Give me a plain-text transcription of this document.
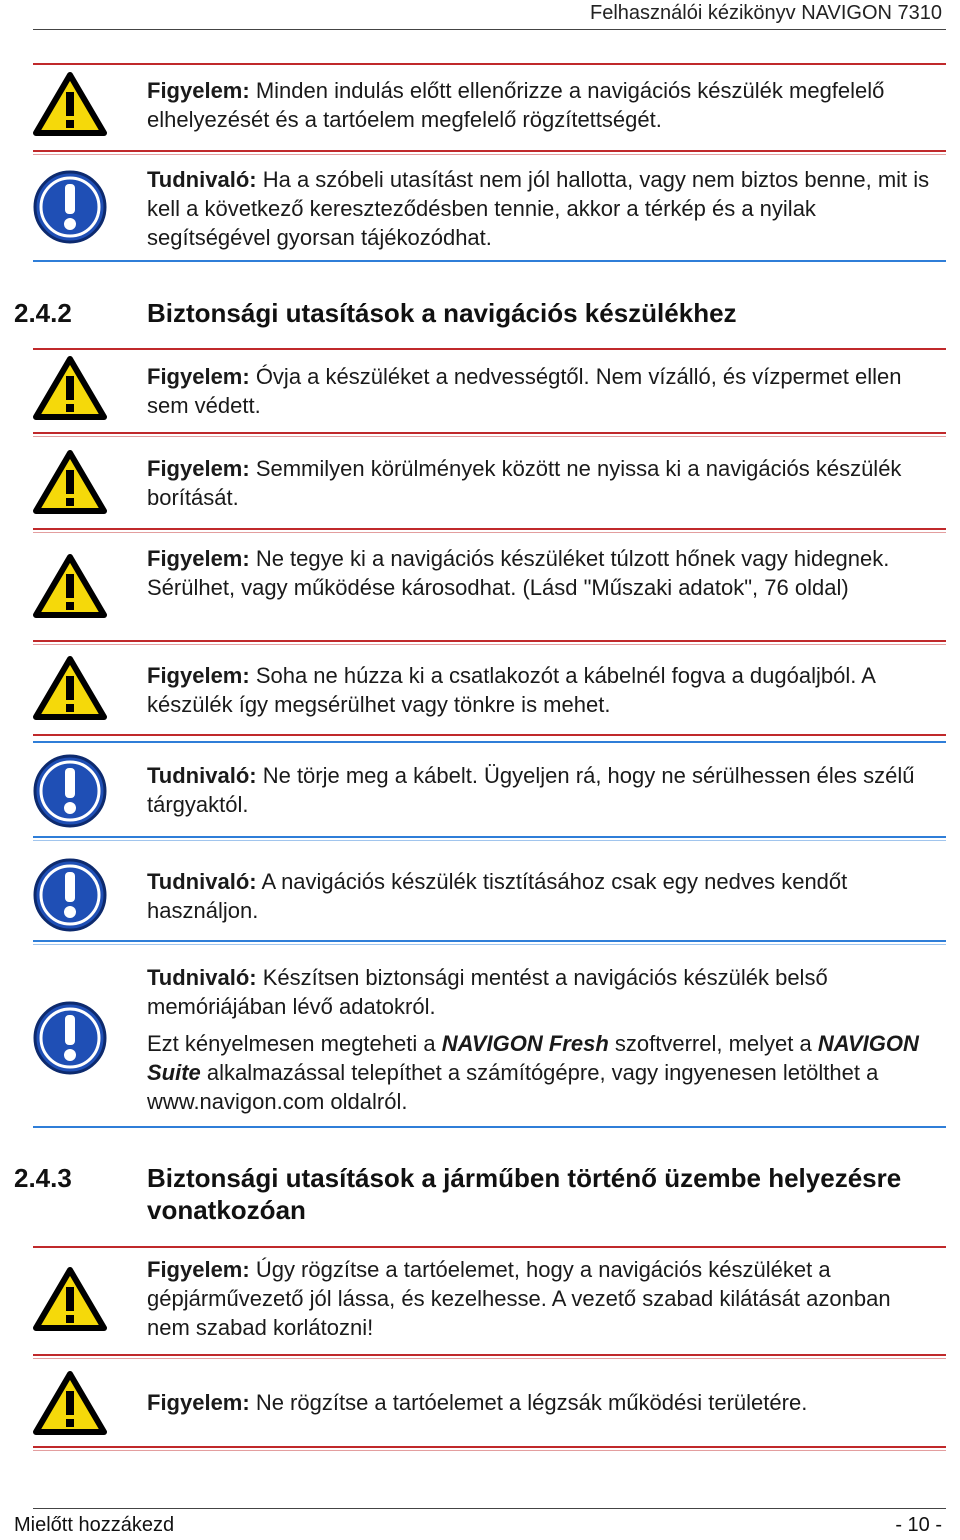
Felhasználói kézikönyv NAVIGON 7310
Figyelem: Minden indulás előtt ellenőrizze a navigációs készülék megfelelő elhelyezését és a tartóelem megfelelő rögzítettségét.
Tudnivaló: Ha a szóbeli utasítást nem jól hallotta, vagy nem biztos benne, mit is kell a következő kereszteződésben tennie, akkor a térkép és a nyilak segítségével gyorsan tájékozódhat.
2.4.2	Biztonsági utasítások a navigációs készülékhez
Figyelem: Óvja a készüléket a nedvességtől. Nem vízálló, és vízpermet ellen sem védett.
Figyelem: Semmilyen körülmények között ne nyissa ki a navigációs készülék borítását.
Figyelem: Ne tegye ki a navigációs készüléket túlzott hőnek vagy hidegnek. Sérülhet, vagy működése károsodhat. (Lásd "Műszaki adatok", 76 oldal)
Figyelem: Soha ne húzza ki a csatlakozót a kábelnél fogva a dugóaljból. A készülék így megsérülhet vagy tönkre is mehet.
Tudnivaló: Ne törje meg a kábelt. Ügyeljen rá, hogy ne sérülhessen éles szélű tárgyaktól.
Tudnivaló: A navigációs készülék tisztításához csak egy nedves kendőt használjon.
Tudnivaló: Készítsen biztonsági mentést a navigációs készülék belső memóriájában lévő adatokról.
Ezt kényelmesen megteheti a NAVIGON Fresh szoftverrel, melyet a NAVIGON Suite alkalmazással telepíthet a számítógépre, vagy ingyenesen letölthet a www.navigon.com oldalról.
2.4.3	Biztonsági utasítások a járműben történő üzembe helyezésre vonatkozóan
Figyelem: Úgy rögzítse a tartóelemet, hogy a navigációs készüléket a gépjárművezető jól lássa, és kezelhesse. A vezető szabad kilátását azonban nem szabad korlátozni!
Figyelem: Ne rögzítse a tartóelemet a légzsák működési területére.
Mielőtt hozzákezd	- 10 -
